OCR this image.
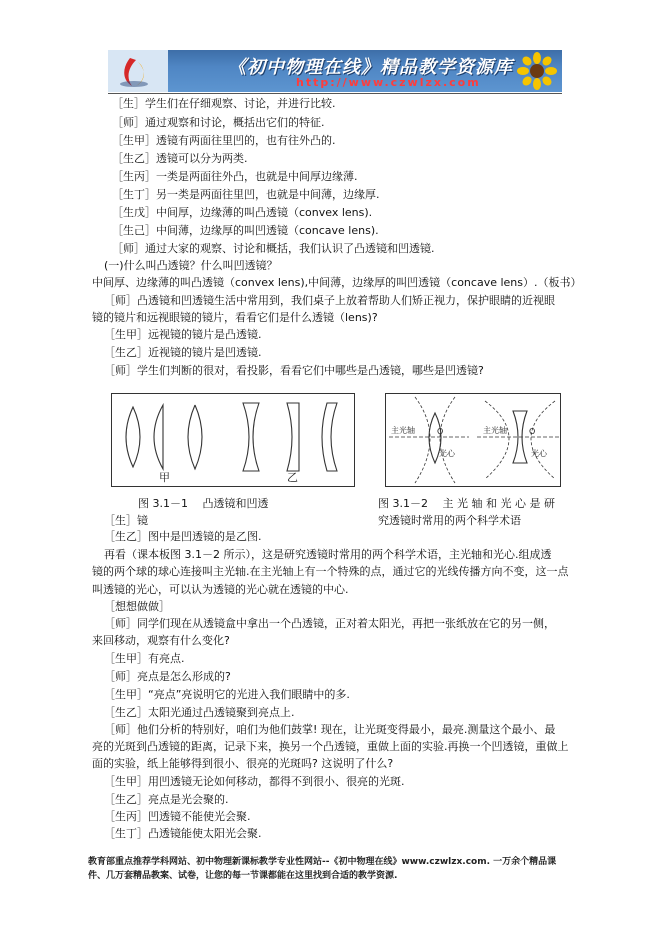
《初中物理在线》精品教学资源库
http://www.czwlzx.com
［生］学生们在仔细观察、讨论，并进行比较.
［师］通过观察和讨论，概括出它们的特征.
［生甲］透镜有两面往里凹的，也有往外凸的.
［生乙］透镜可以分为两类.
［生丙］一类是两面往外凸，也就是中间厚边缘薄.
［生丁］另一类是两面往里凹，也就是中间薄，边缘厚.
［生戊］中间厚，边缘薄的叫凸透镜（convex lens).
［生己］中间薄，边缘厚的叫凹透镜（concave lens).
［师］通过大家的观察、讨论和概括，我们认识了凸透镜和凹透镜.
(一)什么叫凸透镜？什么叫凹透镜？
中间厚、边缘薄的叫凸透镜（convex lens),中间薄，边缘厚的叫凹透镜（concave lens）.（板书）
［师］凸透镜和凹透镜生活中常用到，我们桌子上放着帮助人们矫正视力，保护眼睛的近视眼
镜的镜片和远视眼镜的镜片，看看它们是什么透镜（lens)?
［生甲］远视镜的镜片是凸透镜.
［生乙］近视镜的镜片是凹透镜.
［师］学生们判断的很对，看投影，看看它们中哪些是凸透镜，哪些是凹透镜?
甲	乙
主光轴	O
光心
主光轴	O
光心
图 3.1－1　 凸透镜和凹透
［生］镜
图 3.1－2　 主 光 轴 和 光 心 是 研
究透镜时常用的两个科学术语
［生乙］图中是凹透镜的是乙图.
再看（课本板图 3.1－2 所示），这是研究透镜时常用的两个科学术语，主光轴和光心.组成透
镜的两个球的球心连接叫主光轴.在主光轴上有一个特殊的点，通过它的光线传播方向不变，这一点
叫透镜的光心，可以认为透镜的光心就在透镜的中心.
［想想做做］
［师］同学们现在从透镜盒中拿出一个凸透镜，正对着太阳光，再把一张纸放在它的另一侧，
来回移动，观察有什么变化?
［生甲］有亮点.
［师］亮点是怎么形成的?
［生甲］“亮点”亮说明它的光进入我们眼睛中的多.
［生乙］太阳光通过凸透镜聚到亮点上.
［师］他们分析的特别好，咱们为他们鼓掌! 现在，让光斑变得最小，最亮.测量这个最小、最
亮的光斑到凸透镜的距离，记录下来，换另一个凸透镜，重做上面的实验.再换一个凹透镜，重做上
面的实验，纸上能够得到很小、很亮的光斑吗? 这说明了什么?
［生甲］用凹透镜无论如何移动，都得不到很小、很亮的光斑.
［生乙］亮点是光会聚的.
［生丙］凹透镜不能使光会聚.
［生丁］凸透镜能使太阳光会聚.
教育部重点推荐学科网站、初中物理新课标教学专业性网站--《初中物理在线》www.czwlzx.com. 一万余个精品课
件、几万套精品教案、试卷，让您的每一节课都能在这里找到合适的教学资源.
